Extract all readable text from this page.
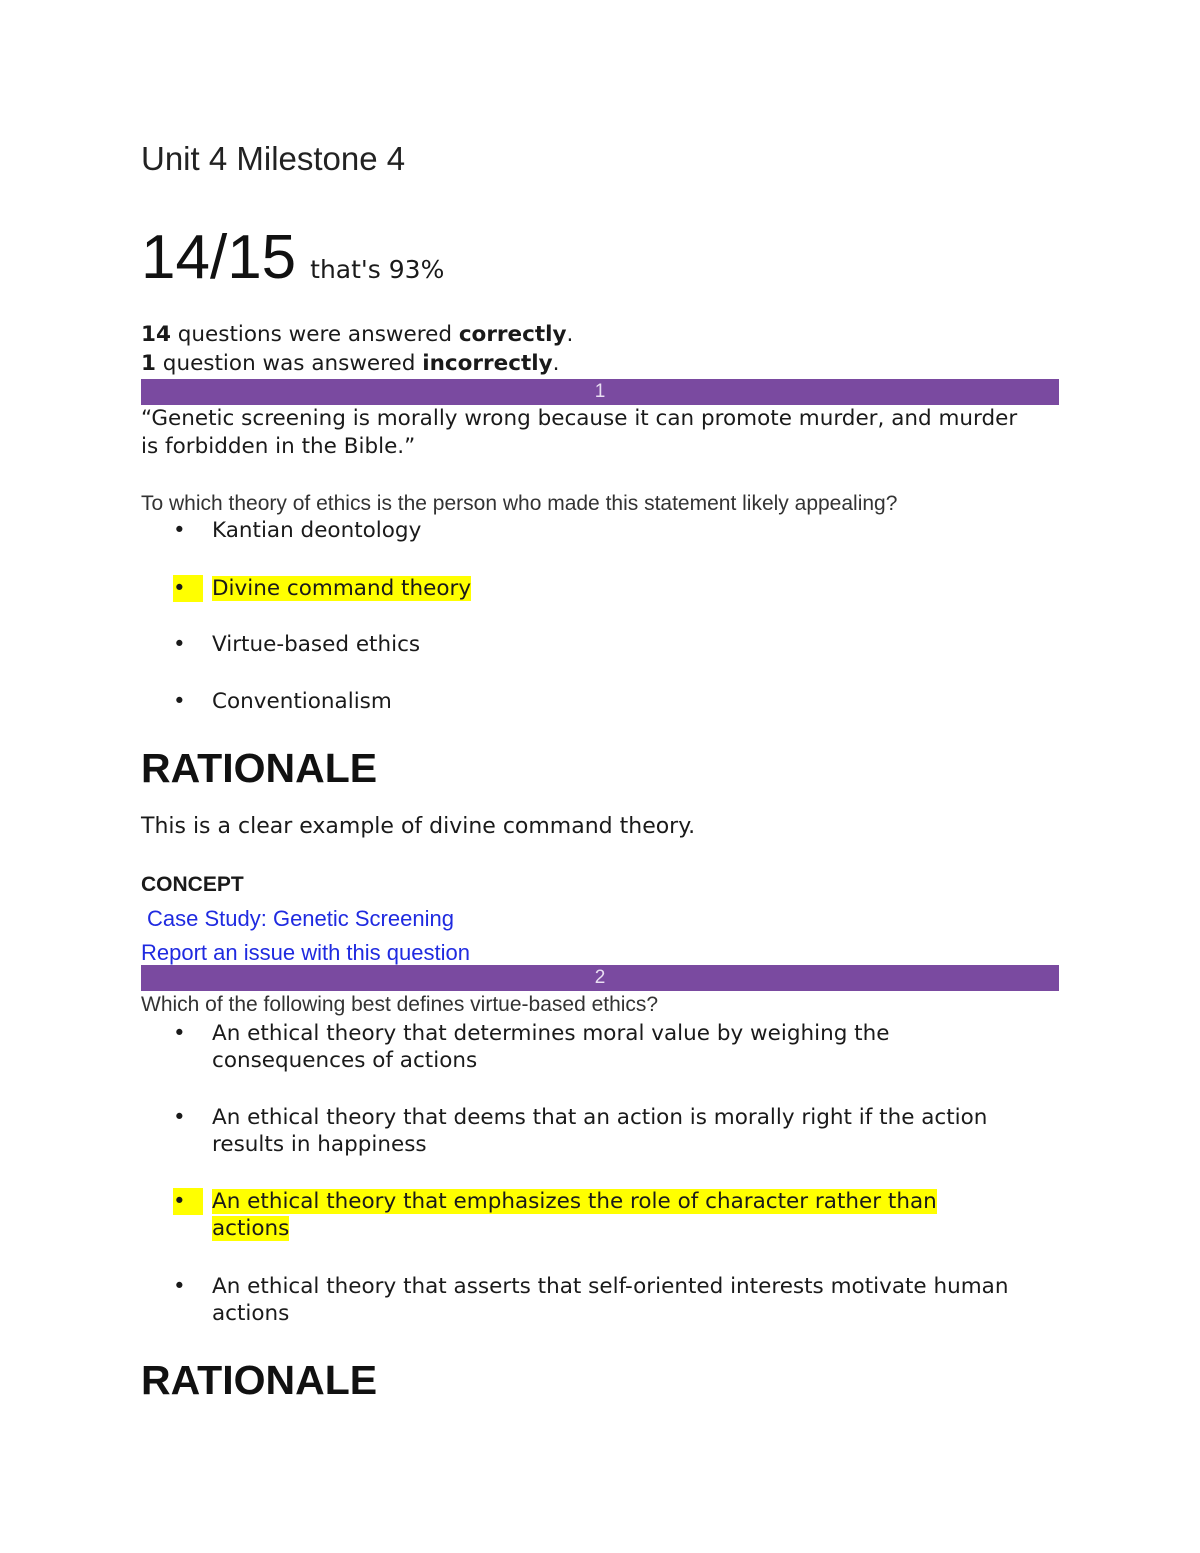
Unit 4 Milestone 4
14/15 that's 93%
14 questions were answered correctly.
1 question was answered incorrectly.
1
“Genetic screening is morally wrong because it can promote murder, and murder is forbidden in the Bible.”
To which theory of ethics is the person who made this statement likely appealing?
•	Kantian deontology
•	Divine command theory
•	Virtue-based ethics
•	Conventionalism
RATIONALE
This is a clear example of divine command theory.
CONCEPT
Case Study: Genetic Screening
Report an issue with this question
2
Which of the following best defines virtue-based ethics?
•	An ethical theory that determines moral value by weighing the consequences of actions
•	An ethical theory that deems that an action is morally right if the action results in happiness
•	An ethical theory that emphasizes the role of character rather than actions
•	An ethical theory that asserts that self-oriented interests motivate human actions
RATIONALE
